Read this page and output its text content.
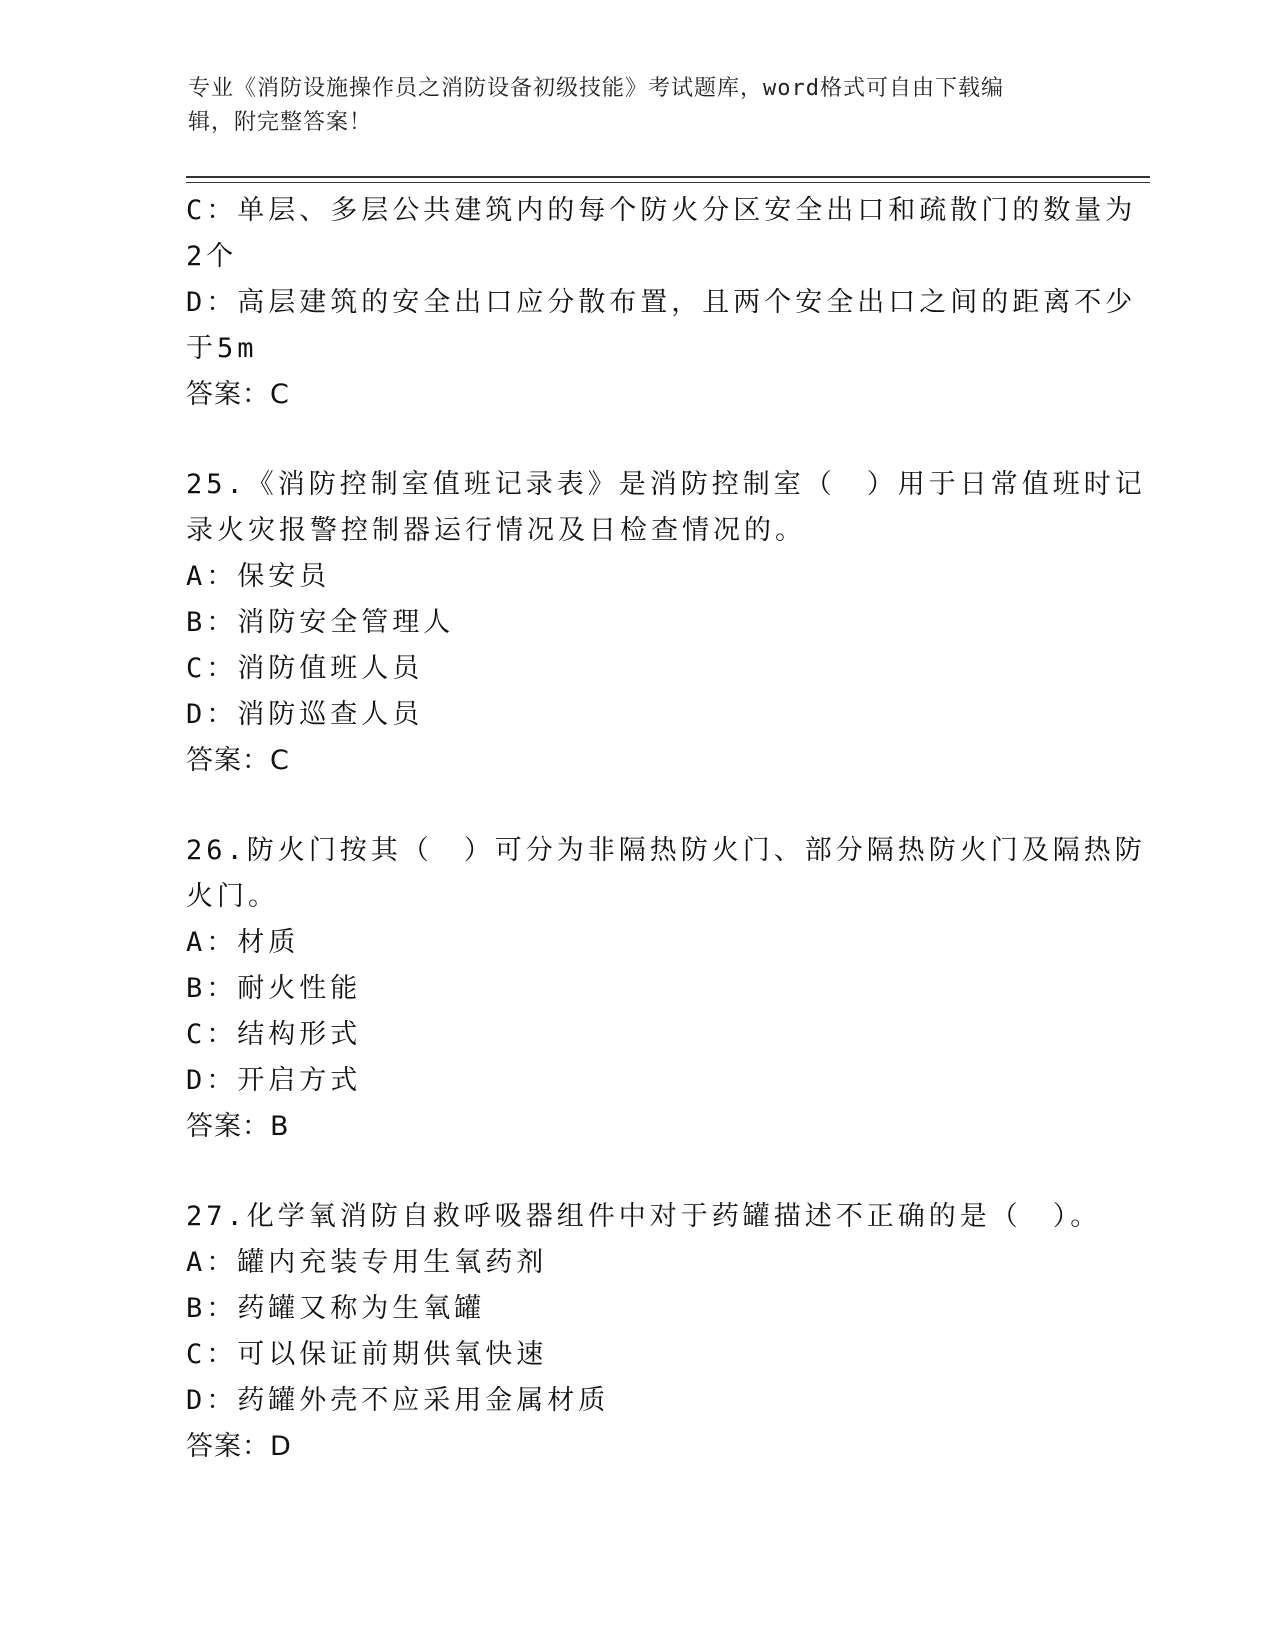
专业《消防设施操作员之消防设备初级技能》考试题库，word格式可自由下载编
辑，附完整答案！
C：单层、多层公共建筑内的每个防火分区安全出口和疏散门的数量为
2个
D：高层建筑的安全出口应分散布置，且两个安全出口之间的距离不少
于5m
答案：C
25.《消防控制室值班记录表》是消防控制室（　）用于日常值班时记
录火灾报警控制器运行情况及日检查情况的。
A：保安员
B：消防安全管理人
C：消防值班人员
D：消防巡查人员
答案：C
26.防火门按其（　）可分为非隔热防火门、部分隔热防火门及隔热防
火门。
A：材质
B：耐火性能
C：结构形式
D：开启方式
答案：B
27.化学氧消防自救呼吸器组件中对于药罐描述不正确的是（　）。
A：罐内充装专用生氧药剂
B：药罐又称为生氧罐
C：可以保证前期供氧快速
D：药罐外壳不应采用金属材质
答案：D
